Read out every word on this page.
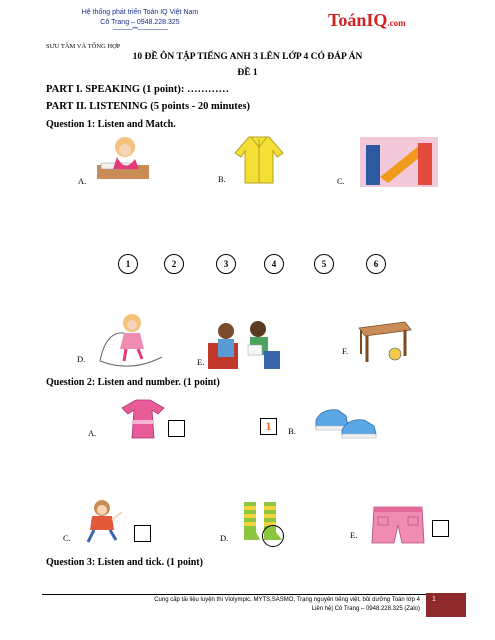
Hệ thống phát triển Toán IQ Việt Nam
Cô Trang – 0948.228.325
-------------***--------------------	ToánIQ.com
SƯU TẦM VÀ TỔNG HỢP
10 ĐỀ ÔN TẬP TIẾNG ANH 3 LÊN LỚP 4 CÓ ĐÁP ÁN
ĐỀ 1
PART I. SPEAKING (1 point): …………
PART II. LISTENING (5 points - 20 minutes)
Question 1: Listen and Match.
A.	B.	C.
1	2	3	4	5	6
D.	E.
F.
Question 2: Listen and number. (1 point)
A.	1	B.
C.	D.	E.
Question 3: Listen and tick. (1 point)
Cung cấp tài liệu luyện thi Violympic, MYTS,SASMO, Trạng nguyên tiếng việt, bồi dưỡng Toán lớp 4
Liên hệ| Cô Trang – 0948.228.325 (Zalo)
1
